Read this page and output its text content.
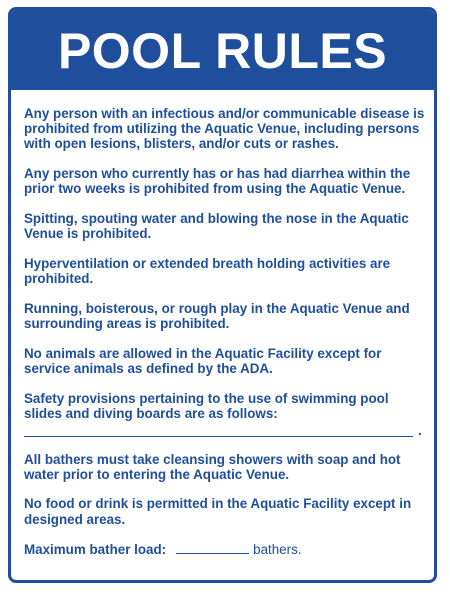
POOL RULES

Any person with an infectious and/or communicable disease is prohibited from utilizing the Aquatic Venue, including persons with open lesions, blisters, and/or cuts or rashes.

Any person who currently has or has had diarrhea within the prior two weeks is prohibited from using the Aquatic Venue.

Spitting, spouting water and blowing the nose in the Aquatic Venue is prohibited.

Hyperventilation or extended breath holding activities are prohibited.

Running, boisterous, or rough play in the Aquatic Venue and surrounding areas is prohibited.

No animals are allowed in the Aquatic Facility except for service animals as defined by the ADA.

Safety provisions pertaining to the use of swimming pool slides and diving boards are as follows:

.

All bathers must take cleansing showers with soap and hot water prior to entering the Aquatic Venue.

No food or drink is permitted in the Aquatic Facility except in designed areas.

Maximum bather load:	bathers.
